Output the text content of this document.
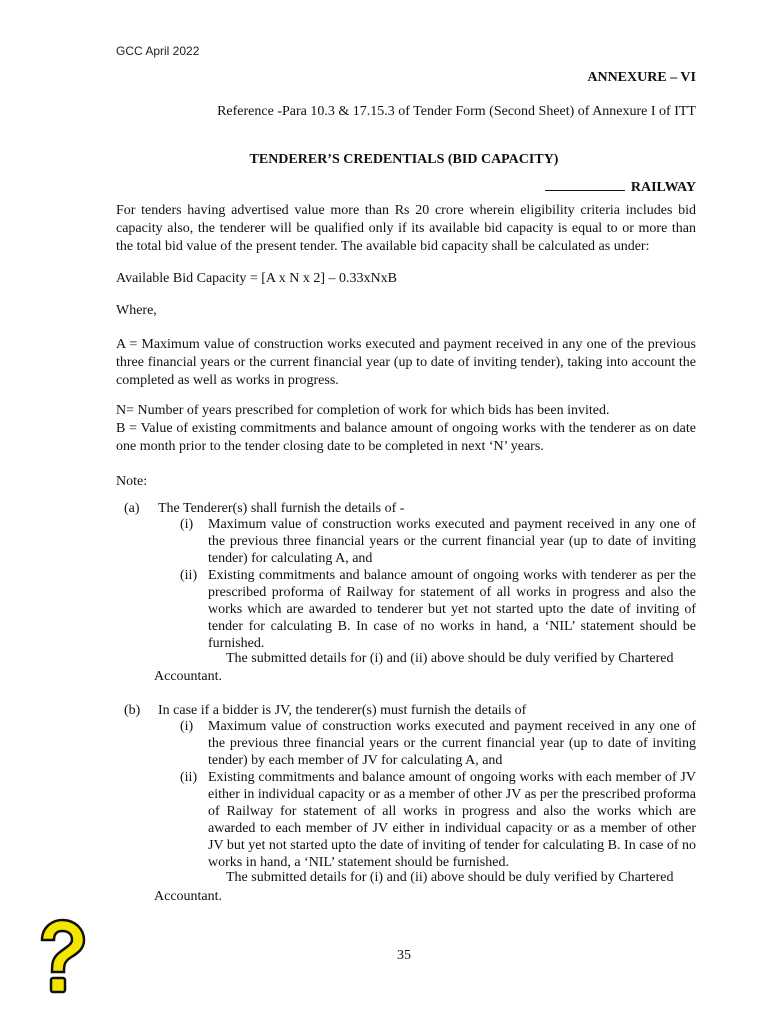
GCC April 2022
ANNEXURE – VI
Reference -Para 10.3 & 17.15.3 of Tender Form (Second Sheet) of Annexure I of ITT
TENDERER’S CREDENTIALS (BID CAPACITY)
RAILWAY
For tenders having advertised value more than Rs 20 crore wherein eligibility criteria includes bid capacity also, the tenderer will be qualified only if its available bid capacity is equal to or more than the total bid value of the present tender. The available bid capacity shall be calculated as under:
Available Bid Capacity = [A x N x 2] – 0.33xNxB
Where,
A = Maximum value of construction works executed and payment received in any one of the previous three financial years or the current financial year (up to date of inviting tender), taking into account the completed as well as works in progress.
N= Number of years prescribed for completion of work for which bids has been invited.
B = Value of existing commitments and balance amount of ongoing works with the tenderer as on date one month prior to the tender closing date to be completed in next ‘N’ years.
Note:
(a) The Tenderer(s) shall furnish the details of -
(i) Maximum value of construction works executed and payment received in any one of the previous three financial years or the current financial year (up to date of inviting tender) for calculating A, and
(ii) Existing commitments and balance amount of ongoing works with tenderer as per the prescribed proforma of Railway for statement of all works in progress and also the works which are awarded to tenderer but yet not started upto the date of inviting of tender for calculating B. In case of no works in hand, a ‘NIL’ statement should be furnished.
The submitted details for (i) and (ii) above should be duly verified by Chartered
Accountant.
(b) In case if a bidder is JV, the tenderer(s) must furnish the details of
(i) Maximum value of construction works executed and payment received in any one of the previous three financial years or the current financial year (up to date of inviting tender) by each member of JV for calculating A, and
(ii) Existing commitments and balance amount of ongoing works with each member of JV either in individual capacity or as a member of other JV as per the prescribed proforma of Railway for statement of all works in progress and also the works which are awarded to each member of JV either in individual capacity or as a member of other JV but yet not started upto the date of inviting of tender for calculating B. In case of no works in hand, a ‘NIL’ statement should be furnished.
The submitted details for (i) and (ii) above should be duly verified by Chartered
Accountant.
35
